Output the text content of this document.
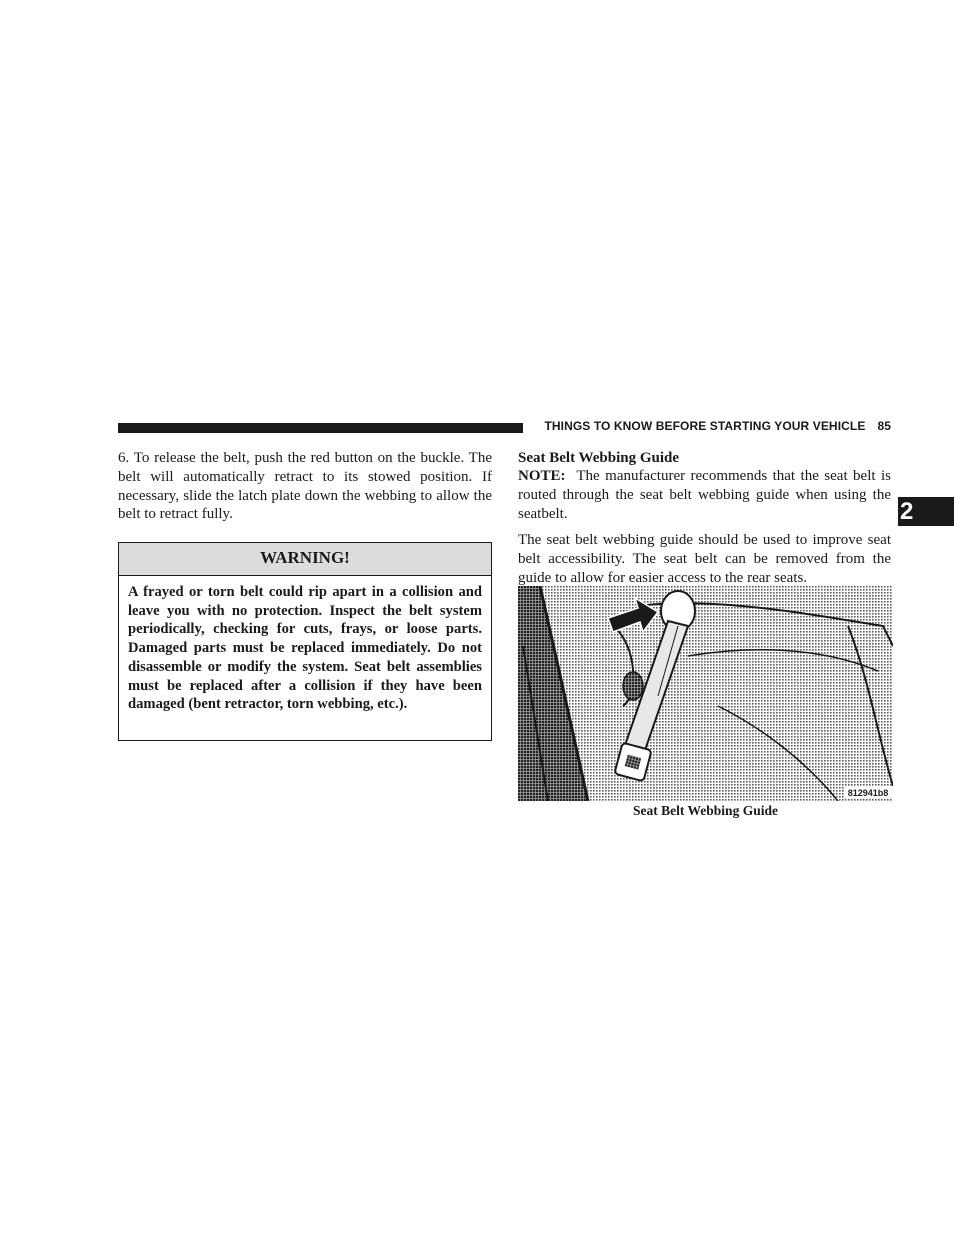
THINGS TO KNOW BEFORE STARTING YOUR VEHICLE 85
2

6. To release the belt, push the red button on the buckle. The belt will automatically retract to its stowed position. If necessary, slide the latch plate down the webbing to allow the belt to retract fully.

WARNING!
A frayed or torn belt could rip apart in a collision and leave you with no protection. Inspect the belt system periodically, checking for cuts, frays, or loose parts. Damaged parts must be replaced immediately. Do not disassemble or modify the system. Seat belt assemblies must be replaced after a collision if they have been damaged (bent retractor, torn webbing, etc.).

Seat Belt Webbing Guide

NOTE: The manufacturer recommends that the seat belt is routed through the seat belt webbing guide when using the seatbelt.

The seat belt webbing guide should be used to improve seat belt accessibility. The seat belt can be removed from the guide to allow for easier access to the rear seats.

812941b8
Seat Belt Webbing Guide
